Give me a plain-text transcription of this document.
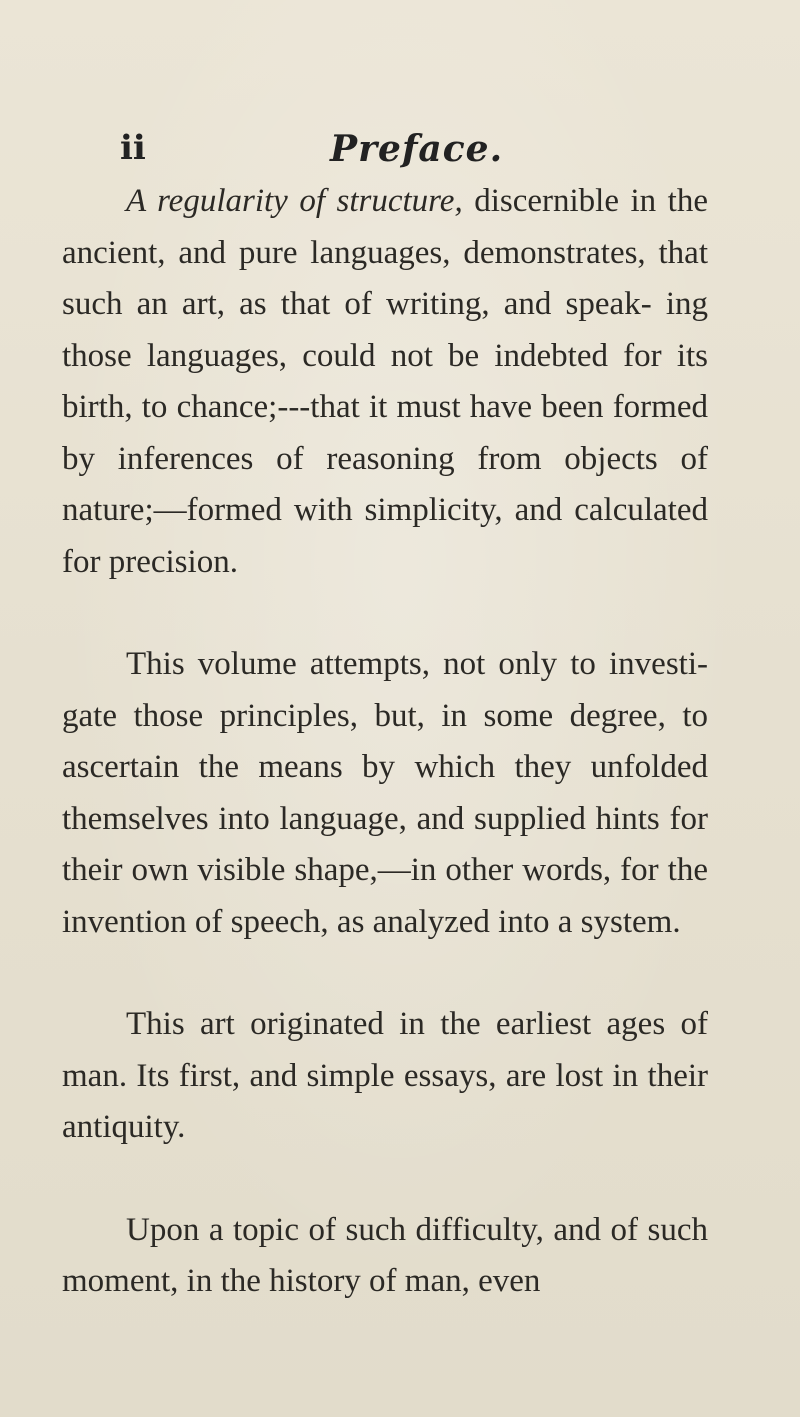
ii	Preface.

A regularity of structure, discernible in the ancient, and pure languages, demonstrates, that such an art, as that of writing, and speak- ing those languages, could not be indebted for its birth, to chance;---that it must have been formed by inferences of reasoning from objects of nature;—formed with simplicity, and calculated for precision.

This volume attempts, not only to investi- gate those principles, but, in some degree, to ascertain the means by which they unfolded themselves into language, and supplied hints for their own visible shape,—in other words, for the invention of speech, as analyzed into a system.

This art originated in the earliest ages of man. Its first, and simple essays, are lost in their antiquity.

Upon a topic of such difficulty, and of such moment, in the history of man, even
